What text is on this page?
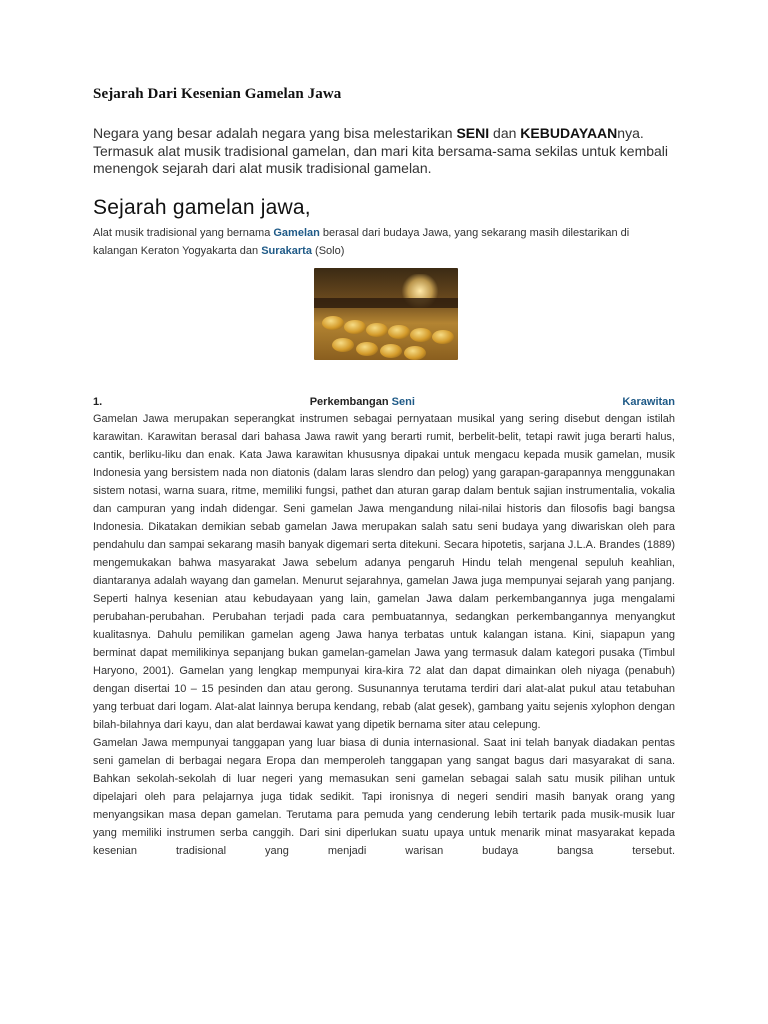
Sejarah Dari Kesenian Gamelan Jawa
Negara yang besar adalah negara yang bisa melestarikan SENI dan KEBUDAYAANnya. Termasuk alat musik tradisional gamelan, dan mari kita bersama-sama sekilas untuk kembali menengok sejarah dari alat musik tradisional gamelan.
Sejarah gamelan jawa,
Alat musik tradisional yang bernama Gamelan berasal dari budaya Jawa, yang sekarang masih dilestarikan di kalangan Keraton Yogyakarta dan Surakarta (Solo)
1.	Perkembangan Seni	Karawitan

Gamelan Jawa merupakan seperangkat instrumen sebagai pernyataan musikal yang sering disebut dengan istilah karawitan. Karawitan berasal dari bahasa Jawa rawit yang berarti rumit, berbelit-belit, tetapi rawit juga berarti halus, cantik, berliku-liku dan enak. Kata Jawa karawitan khususnya dipakai untuk mengacu kepada musik gamelan, musik Indonesia yang bersistem nada non diatonis (dalam laras slendro dan pelog) yang garapan-garapannya menggunakan sistem notasi, warna suara, ritme, memiliki fungsi, pathet dan aturan garap dalam bentuk sajian instrumentalia, vokalia dan campuran yang indah didengar. Seni gamelan Jawa mengandung nilai-nilai historis dan filosofis bagi bangsa Indonesia. Dikatakan demikian sebab gamelan Jawa merupakan salah satu seni budaya yang diwariskan oleh para pendahulu dan sampai sekarang masih banyak digemari serta ditekuni. Secara hipotetis, sarjana J.L.A. Brandes (1889) mengemukakan bahwa masyarakat Jawa sebelum adanya pengaruh Hindu telah mengenal sepuluh keahlian, diantaranya adalah wayang dan gamelan. Menurut sejarahnya, gamelan Jawa juga mempunyai sejarah yang panjang. Seperti halnya kesenian atau kebudayaan yang lain, gamelan Jawa dalam perkembangannya juga mengalami perubahan-perubahan. Perubahan terjadi pada cara pembuatannya, sedangkan perkembangannya menyangkut kualitasnya. Dahulu pemilikan gamelan ageng Jawa hanya terbatas untuk kalangan istana. Kini, siapapun yang berminat dapat memilikinya sepanjang bukan gamelan-gamelan Jawa yang termasuk dalam kategori pusaka (Timbul Haryono, 2001). Gamelan yang lengkap mempunyai kira-kira 72 alat dan dapat dimainkan oleh niyaga (penabuh) dengan disertai 10 – 15 pesinden dan atau gerong. Susunannya terutama terdiri dari alat-alat pukul atau tetabuhan yang terbuat dari logam. Alat-alat lainnya berupa kendang, rebab (alat gesek), gambang yaitu sejenis xylophon dengan bilah-bilahnya dari kayu, dan alat berdawai kawat yang dipetik bernama siter atau celepung.

Gamelan Jawa mempunyai tanggapan yang luar biasa di dunia internasional. Saat ini telah banyak diadakan pentas seni gamelan di berbagai negara Eropa dan memperoleh tanggapan yang sangat bagus dari masyarakat di sana. Bahkan sekolah-sekolah di luar negeri yang memasukan seni gamelan sebagai salah satu musik pilihan untuk dipelajari oleh para pelajarnya juga tidak sedikit. Tapi ironisnya di negeri sendiri masih banyak orang yang menyangsikan masa depan gamelan. Terutama para pemuda yang cenderung lebih tertarik pada musik-musik luar yang memiliki instrumen serba canggih. Dari sini diperlukan suatu upaya untuk menarik minat masyarakat kepada kesenian tradisional yang menjadi warisan budaya bangsa tersebut.
